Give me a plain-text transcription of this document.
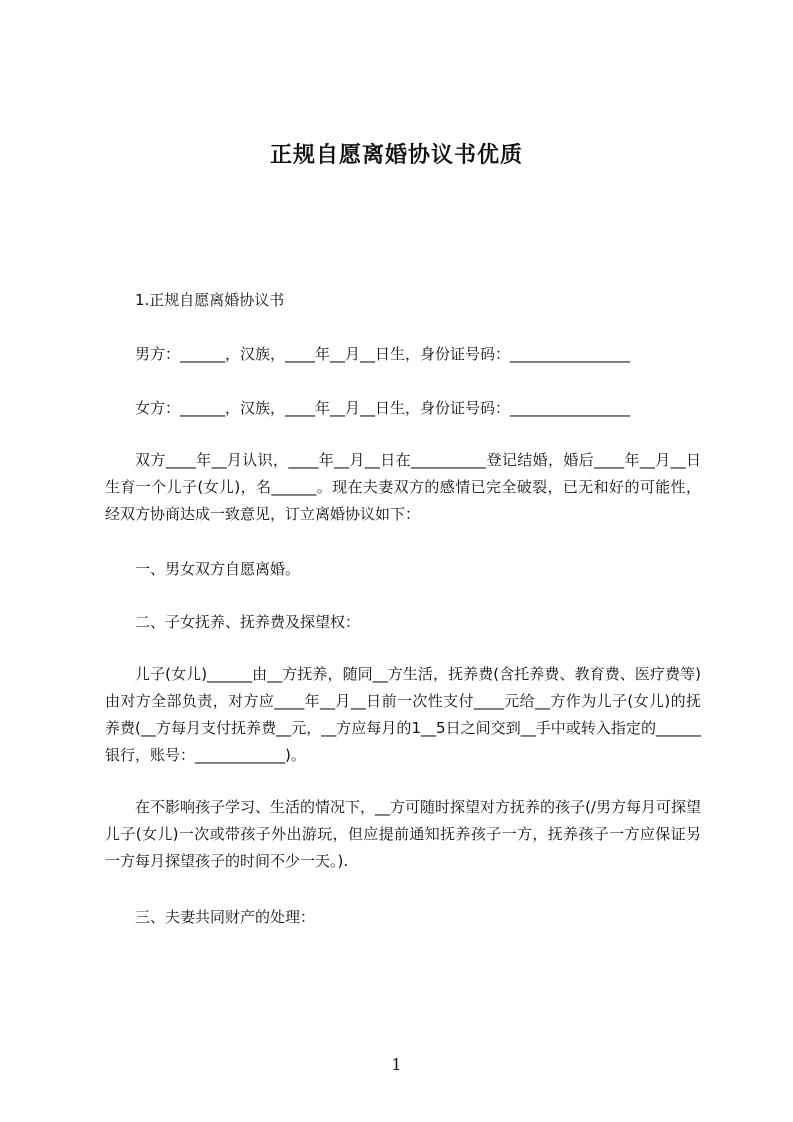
正规自愿离婚协议书优质

1.正规自愿离婚协议书

男方：______，汉族，____年__月__日生，身份证号码：________________

女方：______，汉族，____年__月__日生，身份证号码：________________

双方____年__月认识，____年__月__日在__________登记结婚，婚后____年__月__日生育一个儿子(女儿)，名______。现在夫妻双方的感情已完全破裂，已无和好的可能性，经双方协商达成一致意见，订立离婚协议如下：

一、男女双方自愿离婚。

二、子女抚养、抚养费及探望权：

儿子(女儿)______由__方抚养，随同__方生活，抚养费(含托养费、教育费、医疗费等)由对方全部负责，对方应____年__月__日前一次性支付____元给__方作为儿子(女儿)的抚养费(__方每月支付抚养费__元，__方应每月的1__5日之间交到__手中或转入指定的______银行，账号：____________)。

在不影响孩子学习、生活的情况下，__方可随时探望对方抚养的孩子(/男方每月可探望儿子(女儿)一次或带孩子外出游玩，但应提前通知抚养孩子一方，抚养孩子一方应保证另一方每月探望孩子的时间不少一天。).

三、夫妻共同财产的处理：

1
